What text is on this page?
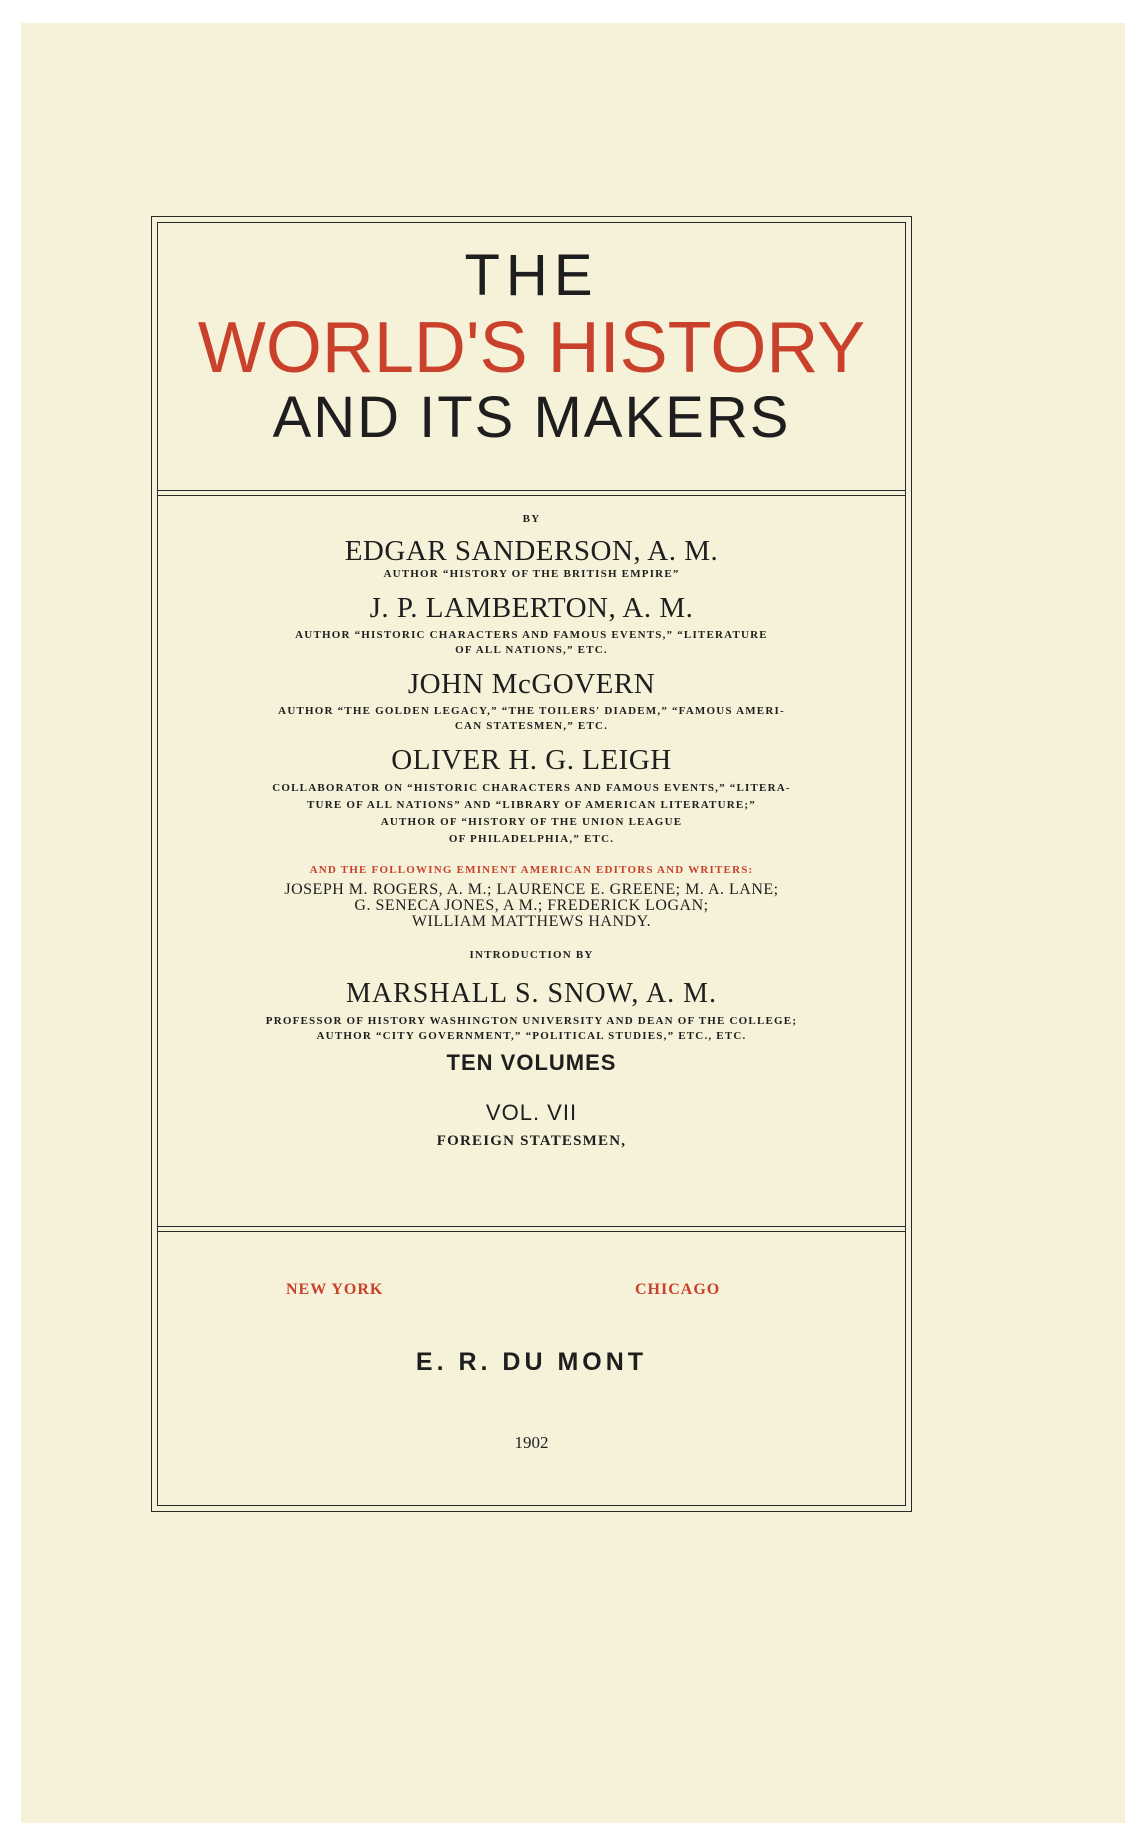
THE
WORLD'S HISTORY
AND ITS MAKERS
BY
EDGAR SANDERSON, A. M.
AUTHOR “HISTORY OF THE BRITISH EMPIRE”
J. P. LAMBERTON, A. M.
AUTHOR “HISTORIC CHARACTERS AND FAMOUS EVENTS,” “LITERATURE
OF ALL NATIONS,” ETC.
JOHN McGOVERN
AUTHOR “THE GOLDEN LEGACY,” “THE TOILERS' DIADEM,” “FAMOUS AMERI-
CAN STATESMEN,” ETC.
OLIVER H. G. LEIGH
COLLABORATOR ON “HISTORIC CHARACTERS AND FAMOUS EVENTS,” “LITERA-
TURE OF ALL NATIONS” AND “LIBRARY OF AMERICAN LITERATURE;”
AUTHOR OF “HISTORY OF THE UNION LEAGUE
OF PHILADELPHIA,” ETC.
AND THE FOLLOWING EMINENT AMERICAN EDITORS AND WRITERS:
JOSEPH M. ROGERS, A. M.; LAURENCE E. GREENE; M. A. LANE;
G. SENECA JONES, A M.; FREDERICK LOGAN;
WILLIAM MATTHEWS HANDY.
INTRODUCTION BY
MARSHALL S. SNOW, A. M.
PROFESSOR OF HISTORY WASHINGTON UNIVERSITY AND DEAN OF THE COLLEGE;
AUTHOR “CITY GOVERNMENT,” “POLITICAL STUDIES,” ETC., ETC.
TEN VOLUMES
VOL. VII
FOREIGN STATESMEN,
NEW YORK	CHICAGO
E. R. DU MONT
1902
